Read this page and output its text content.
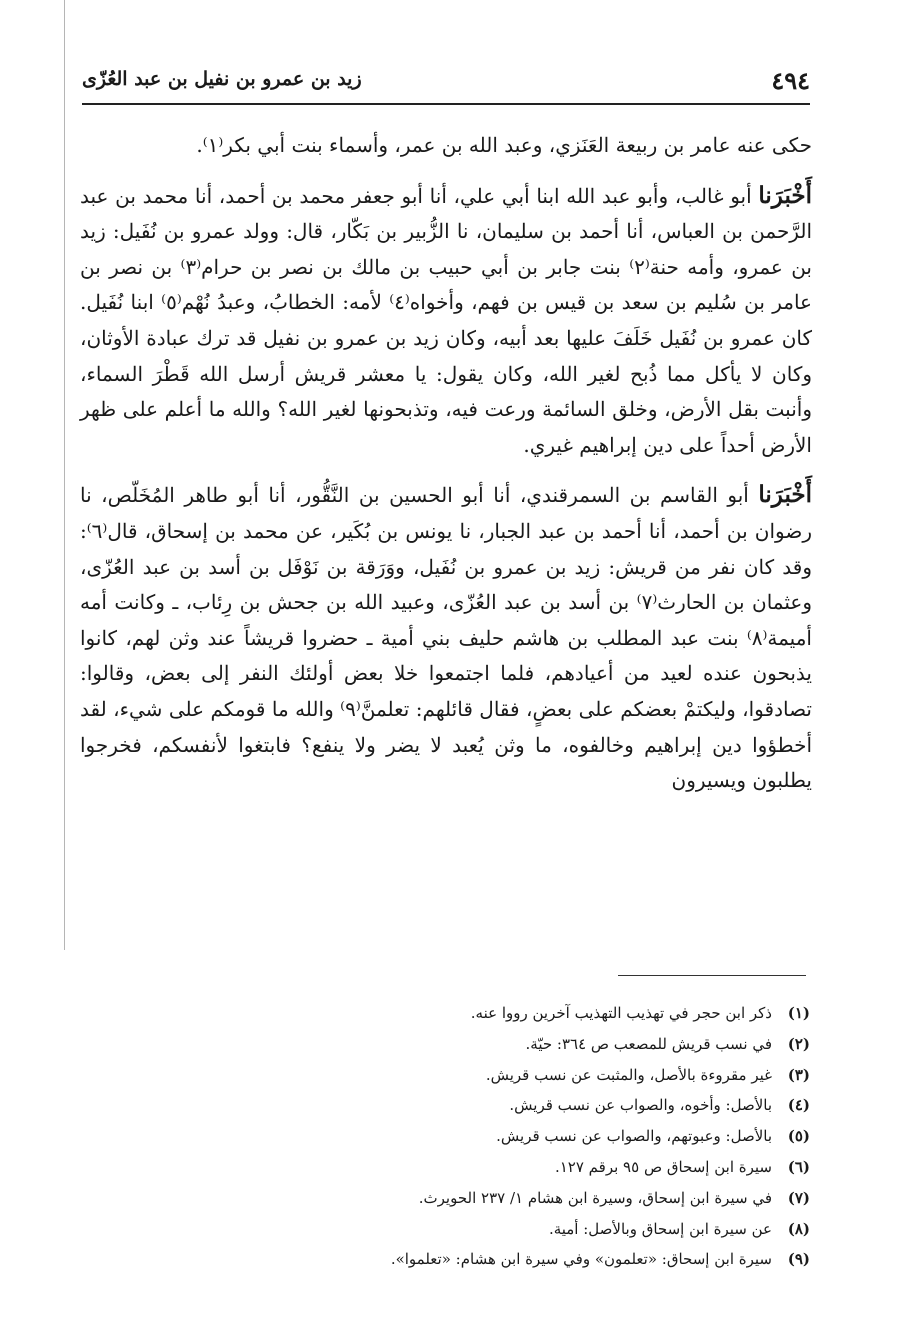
٤٩٤
زيد بن عمرو بن نفيل بن عبد العُزّى

حكى عنه عامر بن ربيعة العَنَزي، وعبد الله بن عمر، وأسماء بنت أبي بكر⁽١⁾.

أَخْبَرَنا أبو غالب، وأبو عبد الله ابنا أبي علي، أنا أبو جعفر محمد بن أحمد، أنا محمد بن عبد الرَّحمن بن العباس، أنا أحمد بن سليمان، نا الزُّبير بن بَكّار، قال: وولد عمرو بن نُفَيل: زيد بن عمرو، وأمه حنة⁽٢⁾ بنت جابر بن أبي حبيب بن مالك بن نصر بن حرام⁽٣⁾ بن نصر بن عامر بن سُليم بن سعد بن قيس بن فهم، وأخواه⁽٤⁾ لأمه: الخطابُ، وعبدُ نُهْم⁽٥⁾ ابنا نُفَيل. كان عمرو بن نُفَيل خَلَفَ عليها بعد أبيه، وكان زيد بن عمرو بن نفيل قد ترك عبادة الأوثان، وكان لا يأكل مما ذُبح لغير الله، وكان يقول: يا معشر قريش أرسل الله قَطْرَ السماء، وأنبت بقل الأرض، وخلق السائمة ورعت فيه، وتذبحونها لغير الله؟ والله ما أعلم على ظهر الأرض أحداً على دين إبراهيم غيري.

أَخْبَرَنا أبو القاسم بن السمرقندي، أنا أبو الحسين بن النَّقُّور، أنا أبو طاهر المُخَلّص، نا رضوان بن أحمد، أنا أحمد بن عبد الجبار، نا يونس بن بُكَير، عن محمد بن إسحاق، قال⁽٦⁾: وقد كان نفر من قريش: زيد بن عمرو بن نُفَيل، ووَرَقة بن نَوْفَل بن أسد بن عبد العُزّى، وعثمان بن الحارث⁽٧⁾ بن أسد بن عبد العُزّى، وعبيد الله بن جحش بن رِئاب، ـ وكانت أمه أميمة⁽٨⁾ بنت عبد المطلب بن هاشم حليف بني أمية ـ حضروا قريشاً عند وثن لهم، كانوا يذبحون عنده لعيد من أعيادهم، فلما اجتمعوا خلا بعض أولئك النفر إلى بعض، وقالوا: تصادقوا، وليكتمْ بعضكم على بعضٍ، فقال قائلهم: تعلمنَّ⁽٩⁾ والله ما قومكم على شيء، لقد أخطؤوا دين إبراهيم وخالفوه، ما وثن يُعبد لا يضر ولا ينفع؟ فابتغوا لأنفسكم، فخرجوا يطلبون ويسيرون

(١)
ذكر ابن حجر في تهذيب التهذيب آخرين رووا عنه.
(٢)
في نسب قريش للمصعب ص ٣٦٤: حيّة.
(٣)
غير مقروءة بالأصل، والمثبت عن نسب قريش.
(٤)
بالأصل: وأخوه، والصواب عن نسب قريش.
(٥)
بالأصل: وعبوتهم، والصواب عن نسب قريش.
(٦)
سيرة ابن إسحاق ص ٩٥ برقم ١٢٧.
(٧)
في سيرة ابن إسحاق، وسيرة ابن هشام ١/ ٢٣٧ الحويرث.
(٨)
عن سيرة ابن إسحاق وبالأصل: أمية.
(٩)
سيرة ابن إسحاق: «تعلمون» وفي سيرة ابن هشام: «تعلموا».
